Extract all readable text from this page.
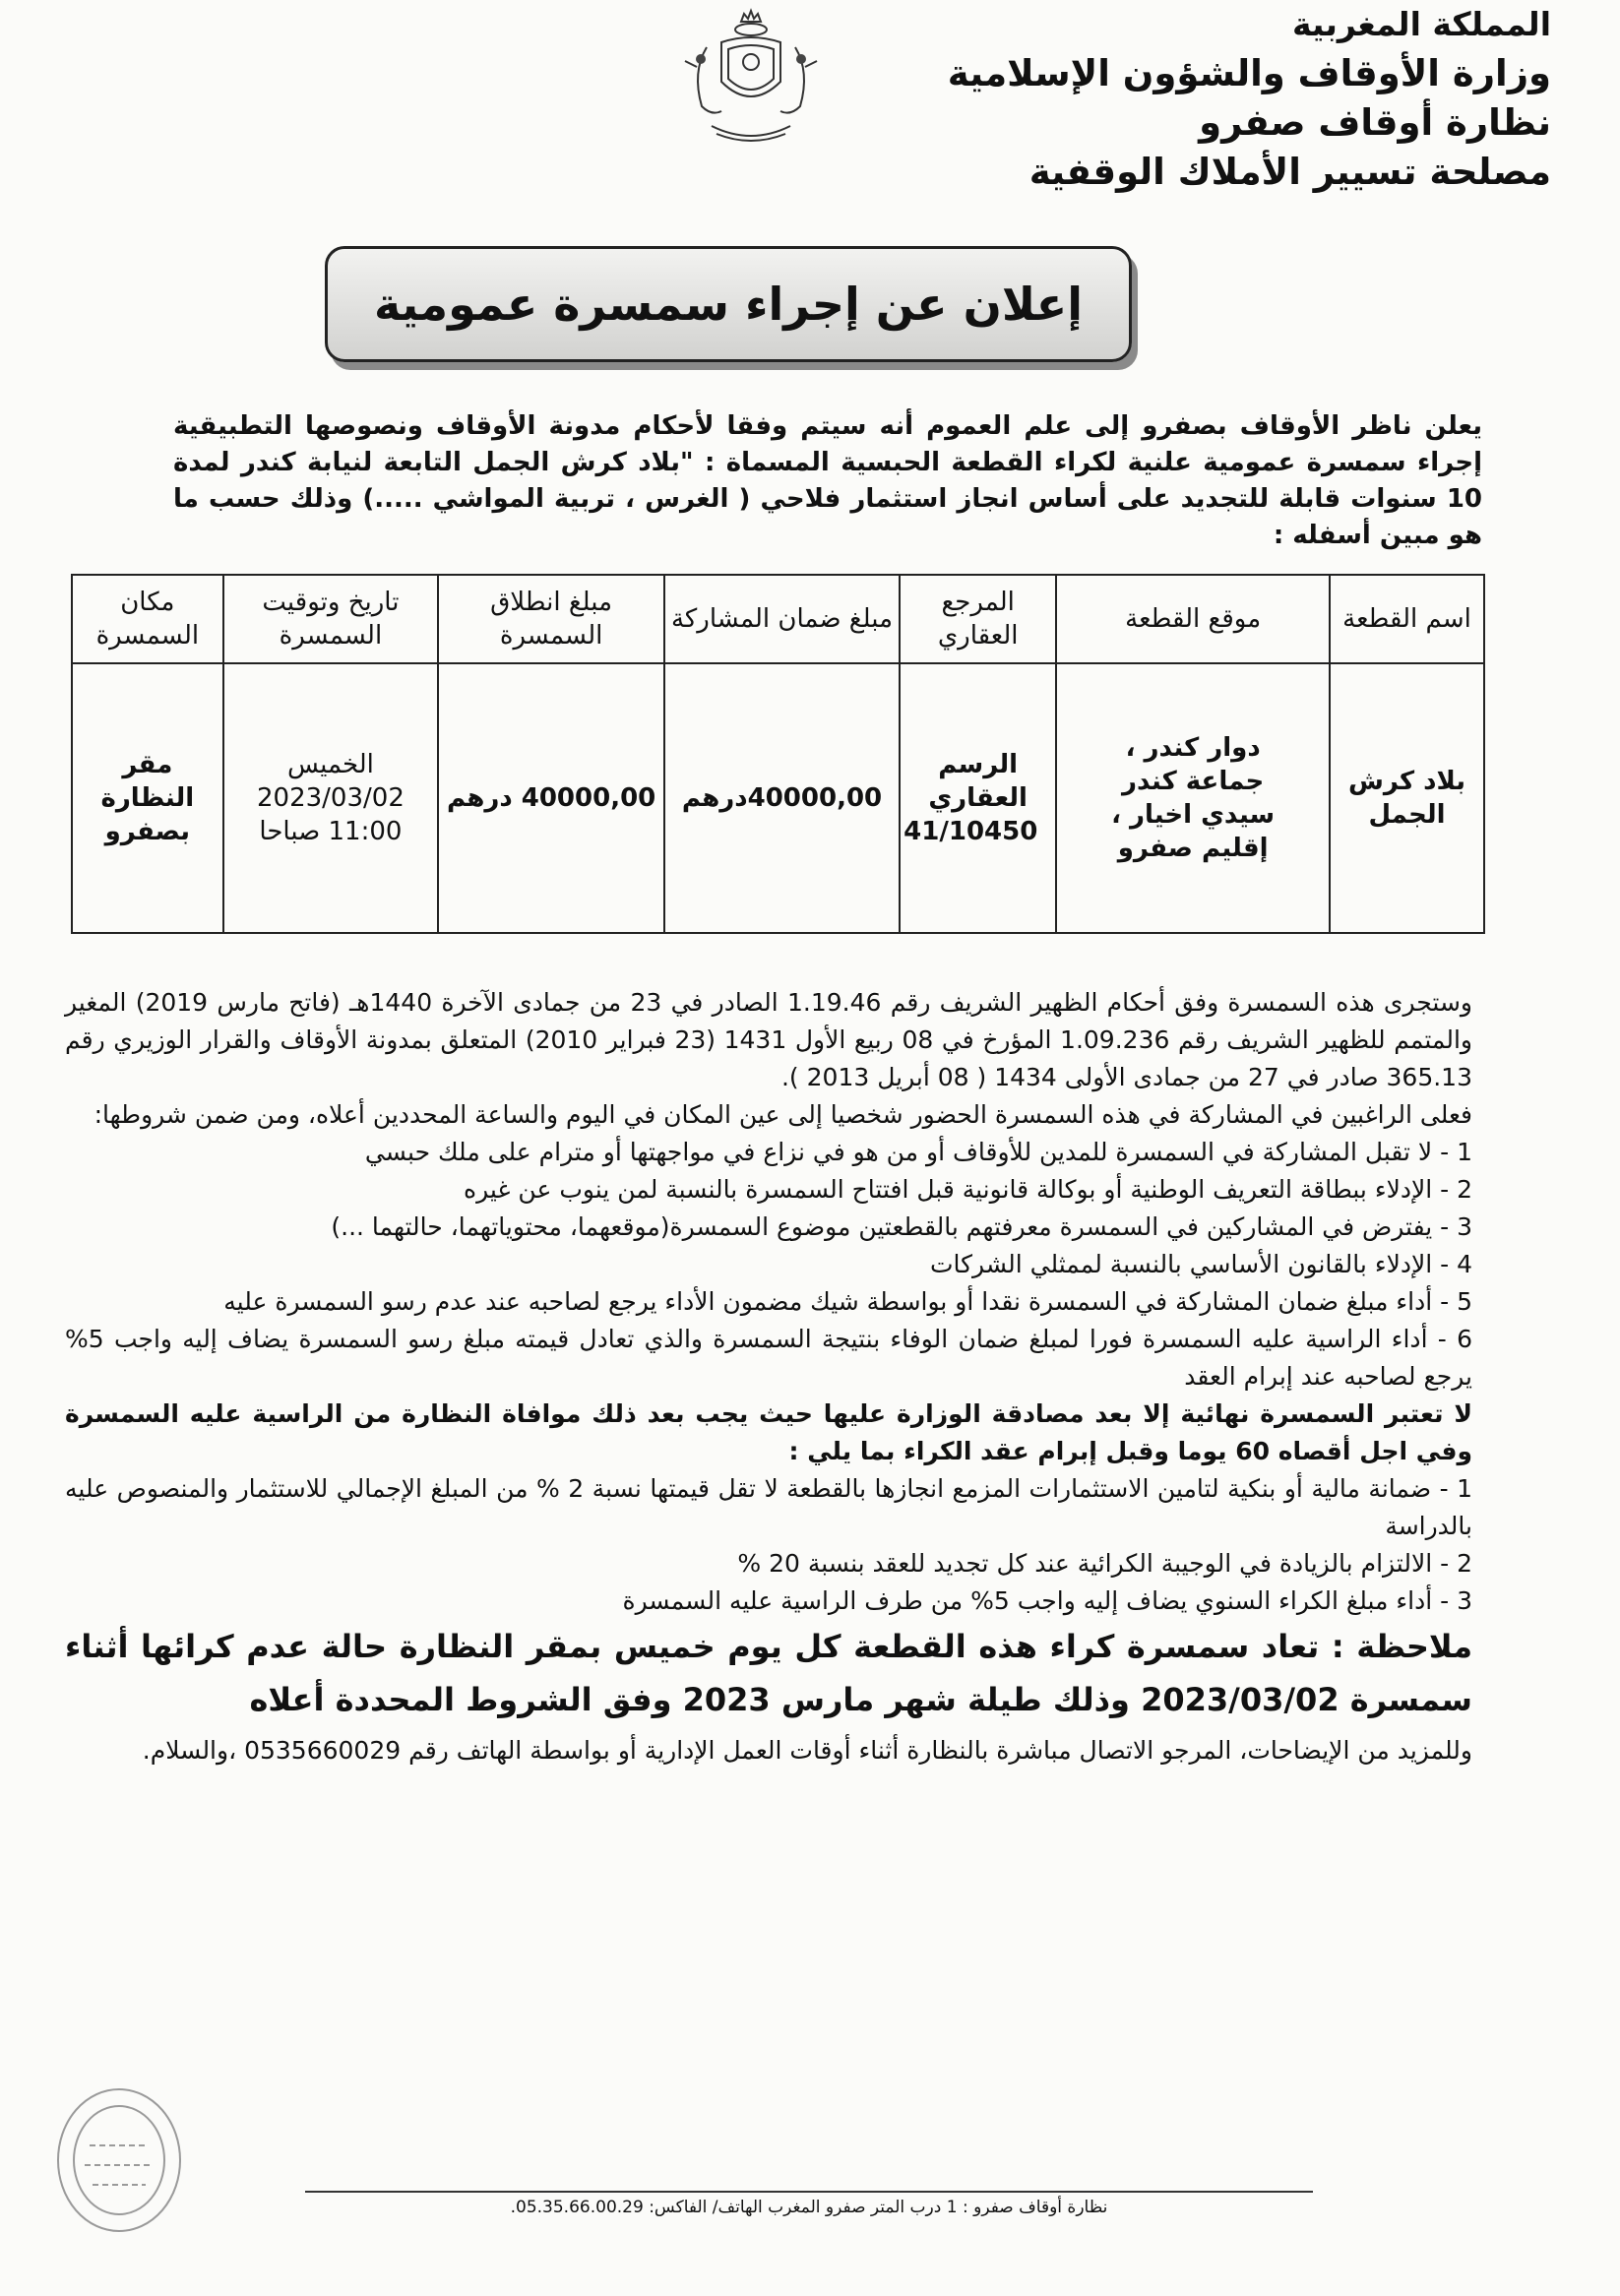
المملكة المغربية
وزارة الأوقاف والشؤون الإسلامية
نظارة أوقاف صفرو
مصلحة تسيير الأملاك الوقفية
إعلان عن إجراء سمسرة عمومية
يعلن ناظر الأوقاف بصفرو إلى علم العموم أنه سيتم وفقا لأحكام مدونة الأوقاف ونصوصها التطبيقية إجراء سمسرة عمومية علنية لكراء القطعة الحبسية المسماة : "بلاد كرش الجمل التابعة لنيابة كندر لمدة 10 سنوات قابلة للتجديد على أساس انجاز استثمار فلاحي ( الغرس ، تربية المواشي .....) وذلك حسب ما هو مبين أسفله :
اسم القطعة	موقع القطعة	المرجع العقاري	مبلغ ضمان المشاركة	مبلغ انطلاق السمسرة	تاريخ وتوقيت السمسرة	مكان السمسرة
بلاد كرش الجمل	دوار كندر ، جماعة كندر سيدي اخيار ، إقليم صفرو	الرسم العقاري 41/10450	40000,00درهم	40000,00 درهم	الخميس 2023/03/02 11:00 صباحا	مقر النظارة بصفرو

وستجرى هذه السمسرة وفق أحكام الظهير الشريف رقم 1.19.46 الصادر في 23 من جمادى الآخرة 1440هـ (فاتح مارس 2019) المغير والمتمم للظهير الشريف رقم 1.09.236 المؤرخ في 08 ربيع الأول 1431 (23 فبراير 2010) المتعلق بمدونة الأوقاف والقرار الوزيري رقم 365.13 صادر في 27 من جمادى الأولى 1434 ( 08 أبريل 2013 ).

فعلى الراغبين في المشاركة في هذه السمسرة الحضور شخصيا إلى عين المكان في اليوم والساعة المحددين أعلاه، ومن ضمن شروطها:

1 - لا تقبل المشاركة في السمسرة للمدين للأوقاف أو من هو في نزاع في مواجهتها أو مترام على ملك حبسي

2 - الإدلاء ببطاقة التعريف الوطنية أو بوكالة قانونية قبل افتتاح السمسرة بالنسبة لمن ينوب عن غيره

3 - يفترض في المشاركين في السمسرة معرفتهم بالقطعتين موضوع السمسرة(موقعهما، محتوياتهما، حالتهما ...)

4 - الإدلاء بالقانون الأساسي بالنسبة لممثلي الشركات

5 - أداء مبلغ ضمان المشاركة في السمسرة نقدا أو بواسطة شيك مضمون الأداء يرجع لصاحبه عند عدم رسو السمسرة عليه

6 - أداء الراسية عليه السمسرة فورا لمبلغ ضمان الوفاء بنتيجة السمسرة والذي تعادل قيمته مبلغ رسو السمسرة يضاف إليه واجب 5% يرجع لصاحبه عند إبرام العقد

لا تعتبر السمسرة نهائية إلا بعد مصادقة الوزارة عليها حيث يجب بعد ذلك موافاة النظارة من الراسية عليه السمسرة وفي اجل أقصاه 60 يوما وقبل إبرام عقد الكراء بما يلي :

1 - ضمانة مالية أو بنكية لتامين الاستثمارات المزمع انجازها بالقطعة لا تقل قيمتها نسبة 2 % من المبلغ الإجمالي للاستثمار والمنصوص عليه بالدراسة

2 - الالتزام بالزيادة في الوجيبة الكرائية عند كل تجديد للعقد بنسبة 20 %

3 - أداء مبلغ الكراء السنوي يضاف إليه واجب 5% من طرف الراسية عليه السمسرة

ملاحظة : تعاد سمسرة كراء هذه القطعة كل يوم خميس بمقر النظارة حالة عدم كرائها أثناء سمسرة 2023/03/02 وذلك طيلة شهر مارس 2023 وفق الشروط المحددة أعلاه

وللمزيد من الإيضاحات، المرجو الاتصال مباشرة بالنظارة أثناء أوقات العمل الإدارية أو بواسطة الهاتف رقم 0535660029 ،والسلام.

نظارة أوقاف صفرو : 1 درب المتر صفرو المغرب الهاتف/ الفاكس: 05.35.66.00.29.
